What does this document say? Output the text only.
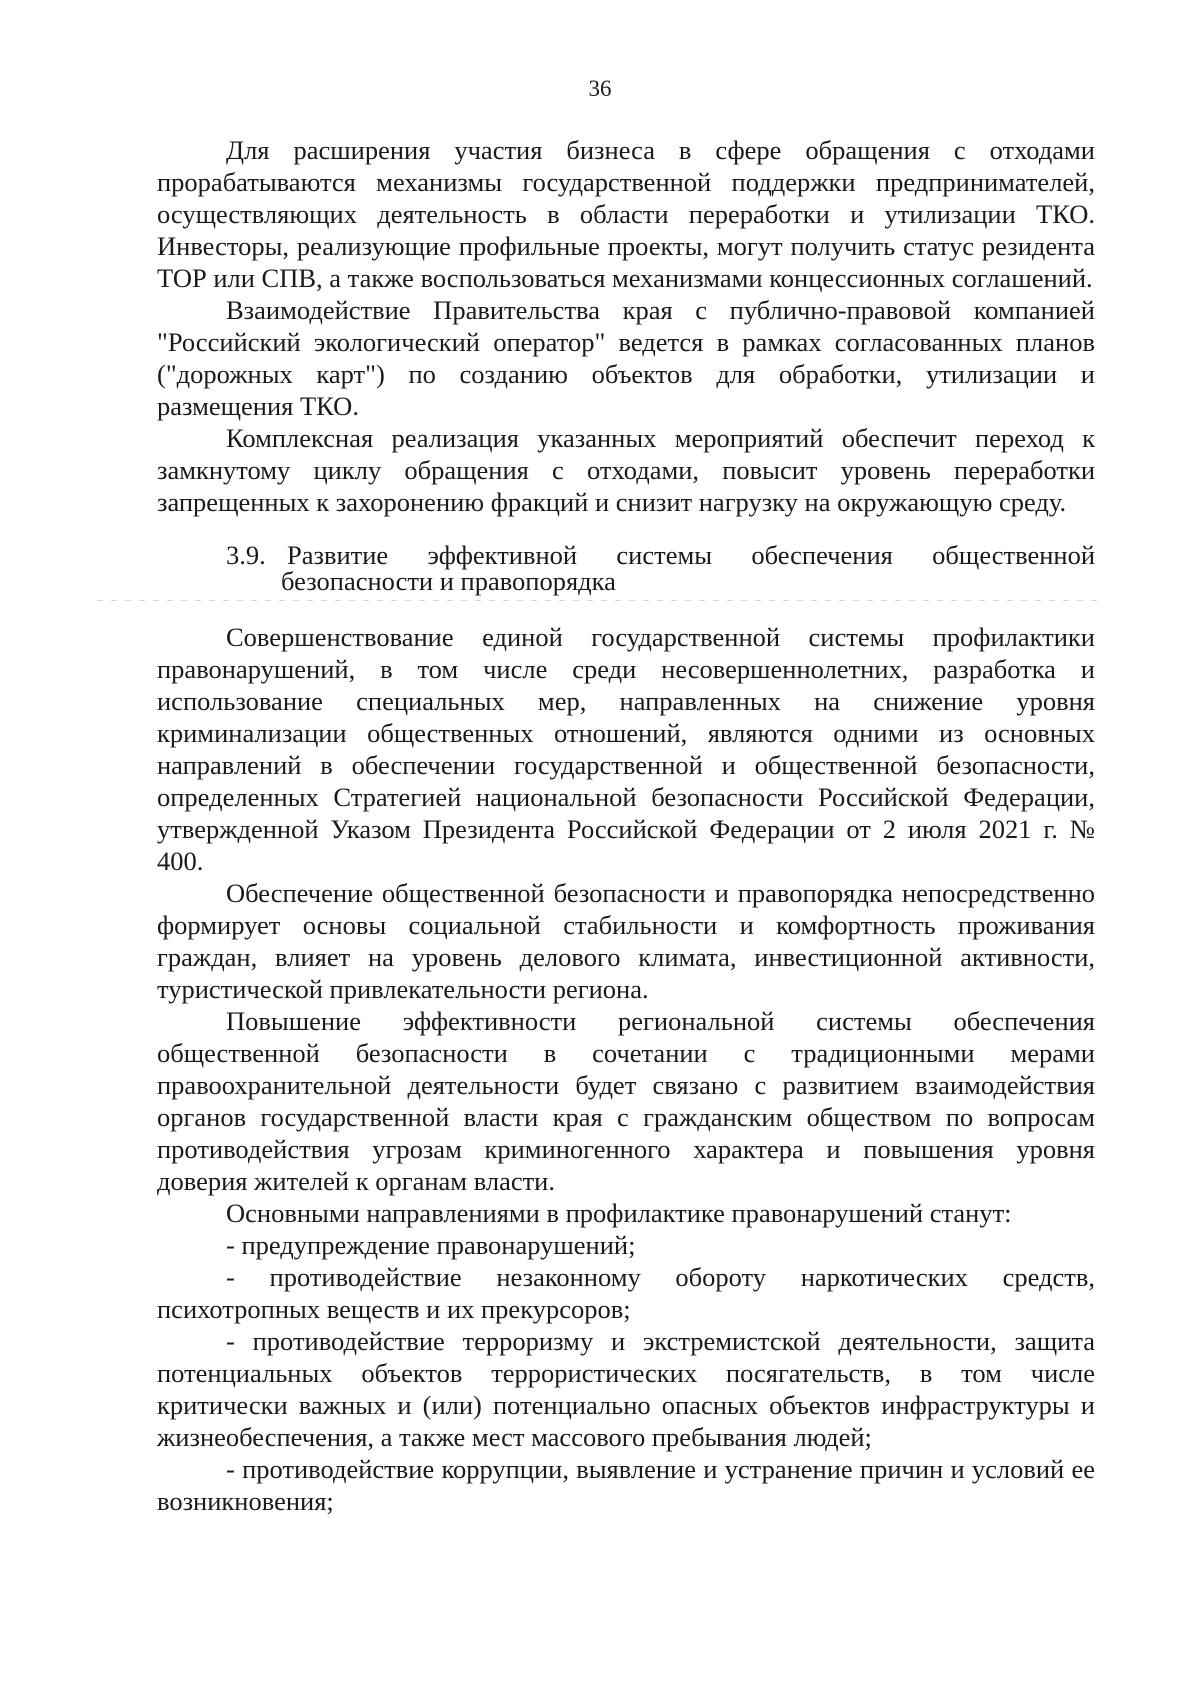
36

Для расширения участия бизнеса в сфере обращения с отходами прорабатываются механизмы государственной поддержки предпринимателей, осуществляющих деятельность в области переработки и утилизации ТКО. Инвесторы, реализующие профильные проекты, могут получить статус резидента ТОР или СПВ, а также воспользоваться механизмами концессионных соглашений.

Взаимодействие Правительства края с публично-правовой компанией "Российский экологический оператор" ведется в рамках согласованных планов ("дорожных карт") по созданию объектов для обработки, утилизации и размещения ТКО.

Комплексная реализация указанных мероприятий обеспечит переход к замкнутому циклу обращения с отходами, повысит уровень переработки запрещенных к захоронению фракций и снизит нагрузку на окружающую среду.

3.9. Развитие эффективной системы обеспечения общественной
безопасности и правопорядка

Совершенствование единой государственной системы профилактики правонарушений, в том числе среди несовершеннолетних, разработка и использование специальных мер, направленных на снижение уровня криминализации общественных отношений, являются одними из основных направлений в обеспечении государственной и общественной безопасности, определенных Стратегией национальной безопасности Российской Федерации, утвержденной Указом Президента Российской Федерации от 2 июля 2021 г. № 400.

Обеспечение общественной безопасности и правопорядка непосредственно формирует основы социальной стабильности и комфортность проживания граждан, влияет на уровень делового климата, инвестиционной активности, туристической привлекательности региона.

Повышение эффективности региональной системы обеспечения общественной безопасности в сочетании с традиционными мерами правоохранительной деятельности будет связано с развитием взаимодействия органов государственной власти края с гражданским обществом по вопросам противодействия угрозам криминогенного характера и повышения уровня доверия жителей к органам власти.

Основными направлениями в профилактике правонарушений станут:

- предупреждение правонарушений;

- противодействие незаконному обороту наркотических средств, психотропных веществ и их прекурсоров;

- противодействие терроризму и экстремистской деятельности, защита потенциальных объектов террористических посягательств, в том числе критически важных и (или) потенциально опасных объектов инфраструктуры и жизнеобеспечения, а также мест массового пребывания людей;

- противодействие коррупции, выявление и устранение причин и условий ее возникновения;
